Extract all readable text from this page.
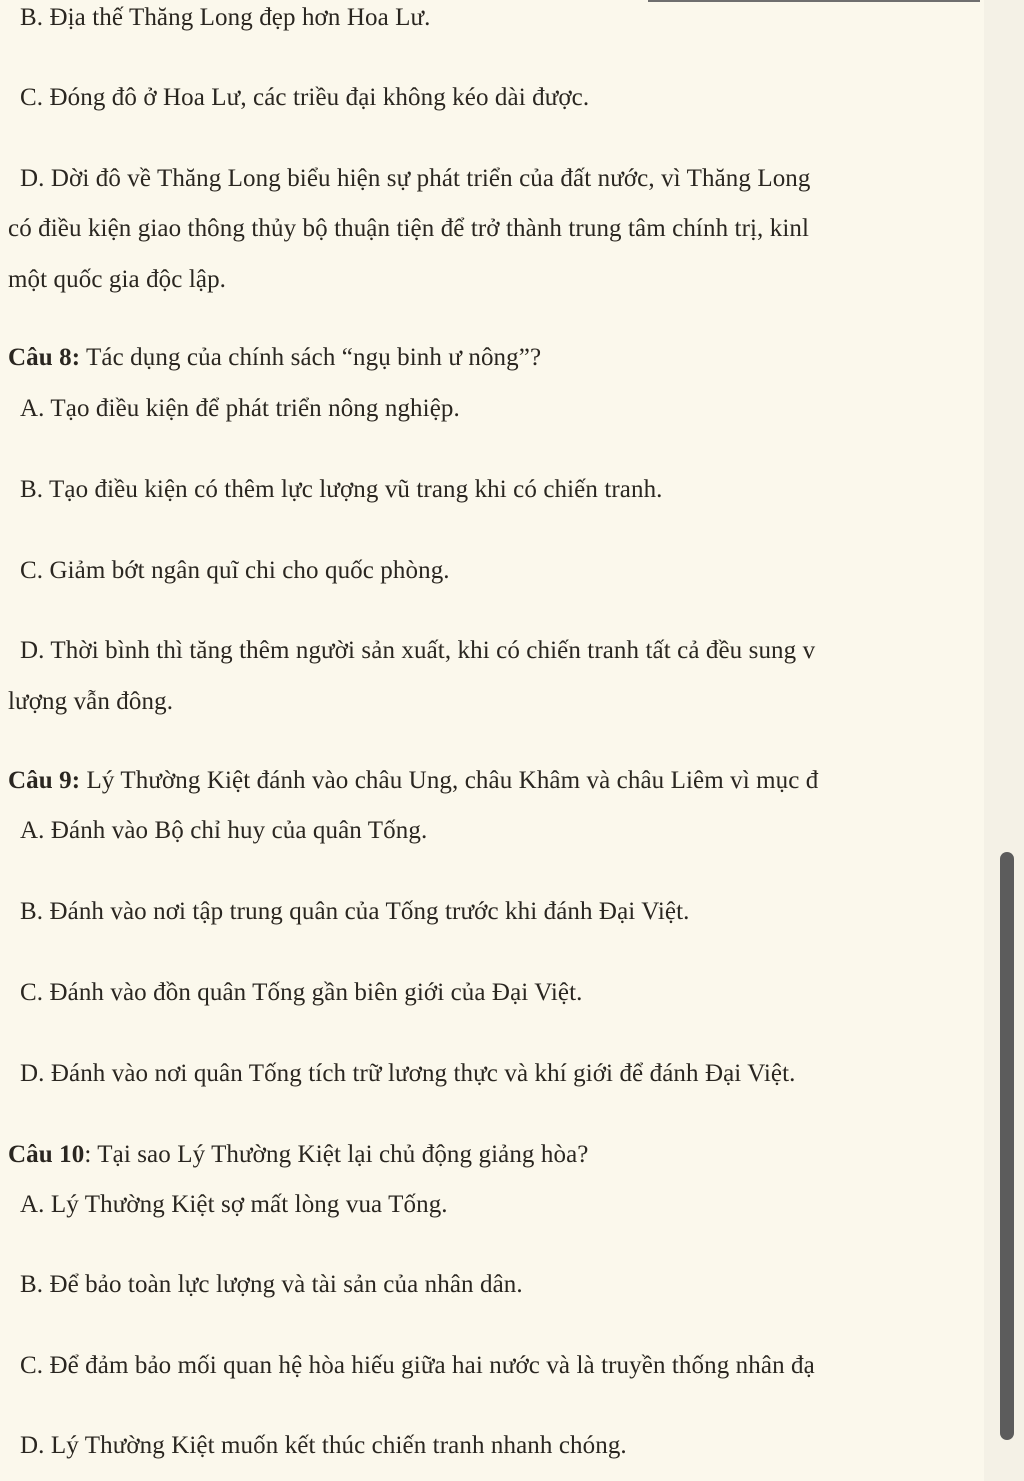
B. Địa thế Thăng Long đẹp hơn Hoa Lư.
C. Đóng đô ở Hoa Lư, các triều đại không kéo dài được.
D. Dời đô về Thăng Long biểu hiện sự phát triển của đất nước, vì Thăng Long
có điều kiện giao thông thủy bộ thuận tiện để trở thành trung tâm chính trị, kinl
một quốc gia độc lập.
Câu 8: Tác dụng của chính sách “ngụ binh ư nông”?
A. Tạo điều kiện để phát triển nông nghiệp.
B. Tạo điều kiện có thêm lực lượng vũ trang khi có chiến tranh.
C. Giảm bớt ngân quĩ chi cho quốc phòng.
D. Thời bình thì tăng thêm người sản xuất, khi có chiến tranh tất cả đều sung v
lượng vẫn đông.
Câu 9: Lý Thường Kiệt đánh vào châu Ung, châu Khâm và châu Liêm vì mục đ
A. Đánh vào Bộ chỉ huy của quân Tống.
B. Đánh vào nơi tập trung quân của Tống trước khi đánh Đại Việt.
C. Đánh vào đồn quân Tống gần biên giới của Đại Việt.
D. Đánh vào nơi quân Tống tích trữ lương thực và khí giới để đánh Đại Việt.
Câu 10: Tại sao Lý Thường Kiệt lại chủ động giảng hòa?
A. Lý Thường Kiệt sợ mất lòng vua Tống.
B. Để bảo toàn lực lượng và tài sản của nhân dân.
C. Để đảm bảo mối quan hệ hòa hiếu giữa hai nước và là truyền thống nhân đạ
D. Lý Thường Kiệt muốn kết thúc chiến tranh nhanh chóng.
